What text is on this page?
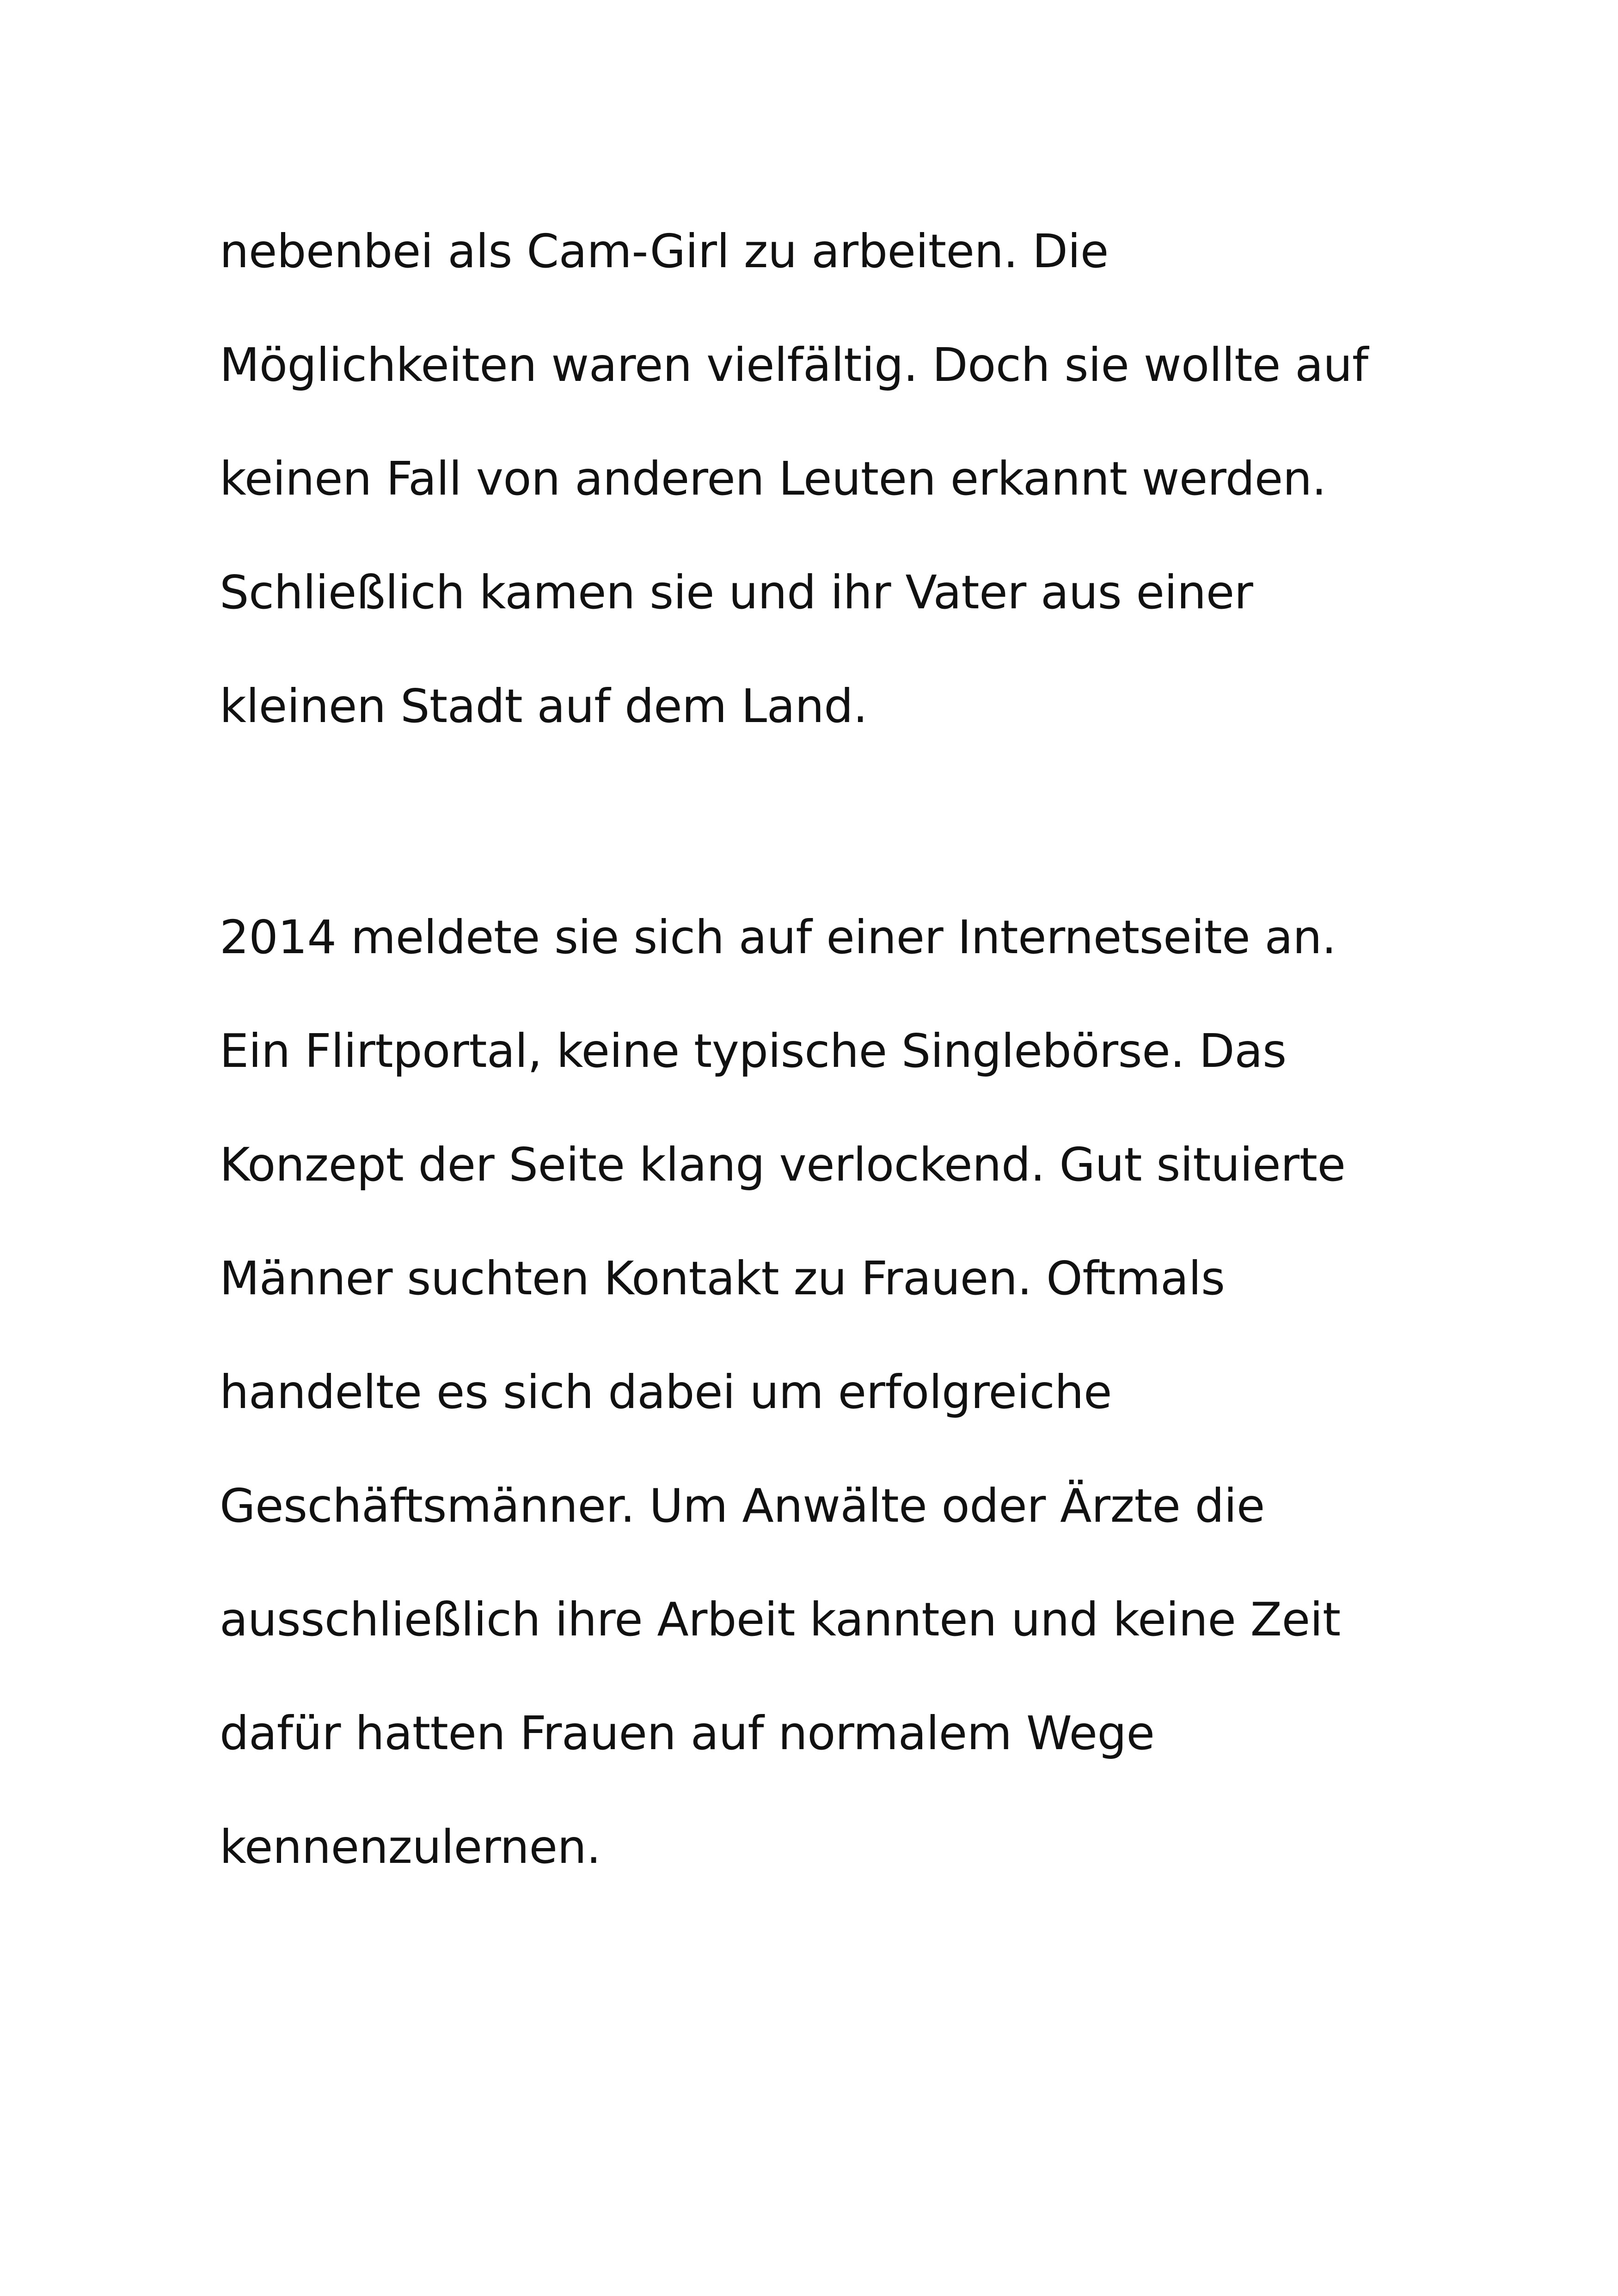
nebenbei als Cam-Girl zu arbeiten. Die
Möglichkeiten waren vielfältig. Doch sie wollte auf
keinen Fall von anderen Leuten erkannt werden.
Schließlich kamen sie und ihr Vater aus einer
kleinen Stadt auf dem Land.
2014 meldete sie sich auf einer Internetseite an.
Ein Flirtportal, keine typische Singlebörse. Das
Konzept der Seite klang verlockend. Gut situierte
Männer suchten Kontakt zu Frauen. Oftmals
handelte es sich dabei um erfolgreiche
Geschäftsmänner. Um Anwälte oder Ärzte die
ausschließlich ihre Arbeit kannten und keine Zeit
dafür hatten Frauen auf normalem Wege
kennenzulernen.
